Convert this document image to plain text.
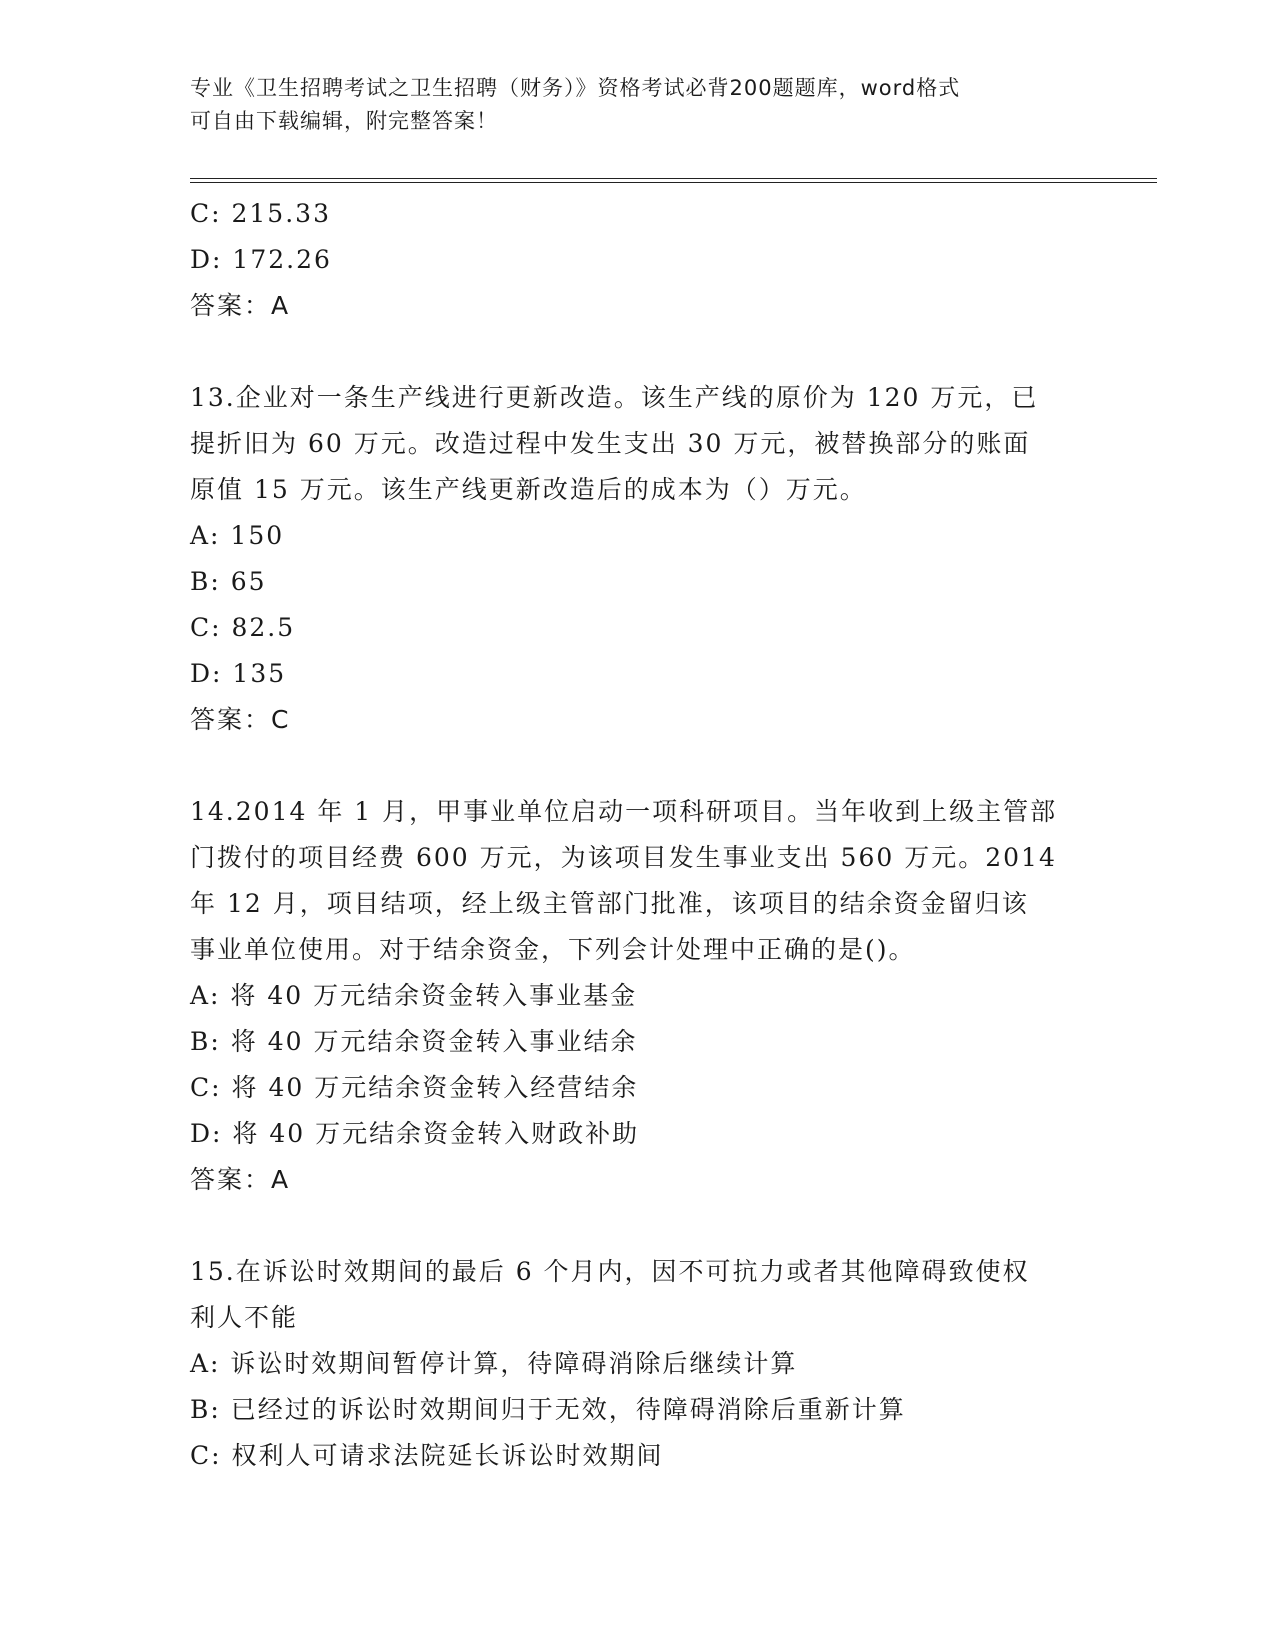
专业《卫生招聘考试之卫生招聘（财务）》资格考试必背200题题库，word格式
可自由下载编辑，附完整答案！
C: 215.33
D: 172.26
答案：A
13.企业对一条生产线进行更新改造。该生产线的原价为 120 万元，已
提折旧为 60 万元。改造过程中发生支出 30 万元，被替换部分的账面
原值 15 万元。该生产线更新改造后的成本为（）万元。
A: 150
B: 65
C: 82.5
D: 135
答案：C
14.2014 年 1 月，甲事业单位启动一项科研项目。当年收到上级主管部
门拨付的项目经费 600 万元，为该项目发生事业支出 560 万元。2014
年 12 月，项目结项，经上级主管部门批准，该项目的结余资金留归该
事业单位使用。对于结余资金，下列会计处理中正确的是()。
A: 将 40 万元结余资金转入事业基金
B: 将 40 万元结余资金转入事业结余
C: 将 40 万元结余资金转入经营结余
D: 将 40 万元结余资金转入财政补助
答案：A
15.在诉讼时效期间的最后 6 个月内，因不可抗力或者其他障碍致使权
利人不能
A: 诉讼时效期间暂停计算，待障碍消除后继续计算
B: 已经过的诉讼时效期间归于无效，待障碍消除后重新计算
C: 权利人可请求法院延长诉讼时效期间
